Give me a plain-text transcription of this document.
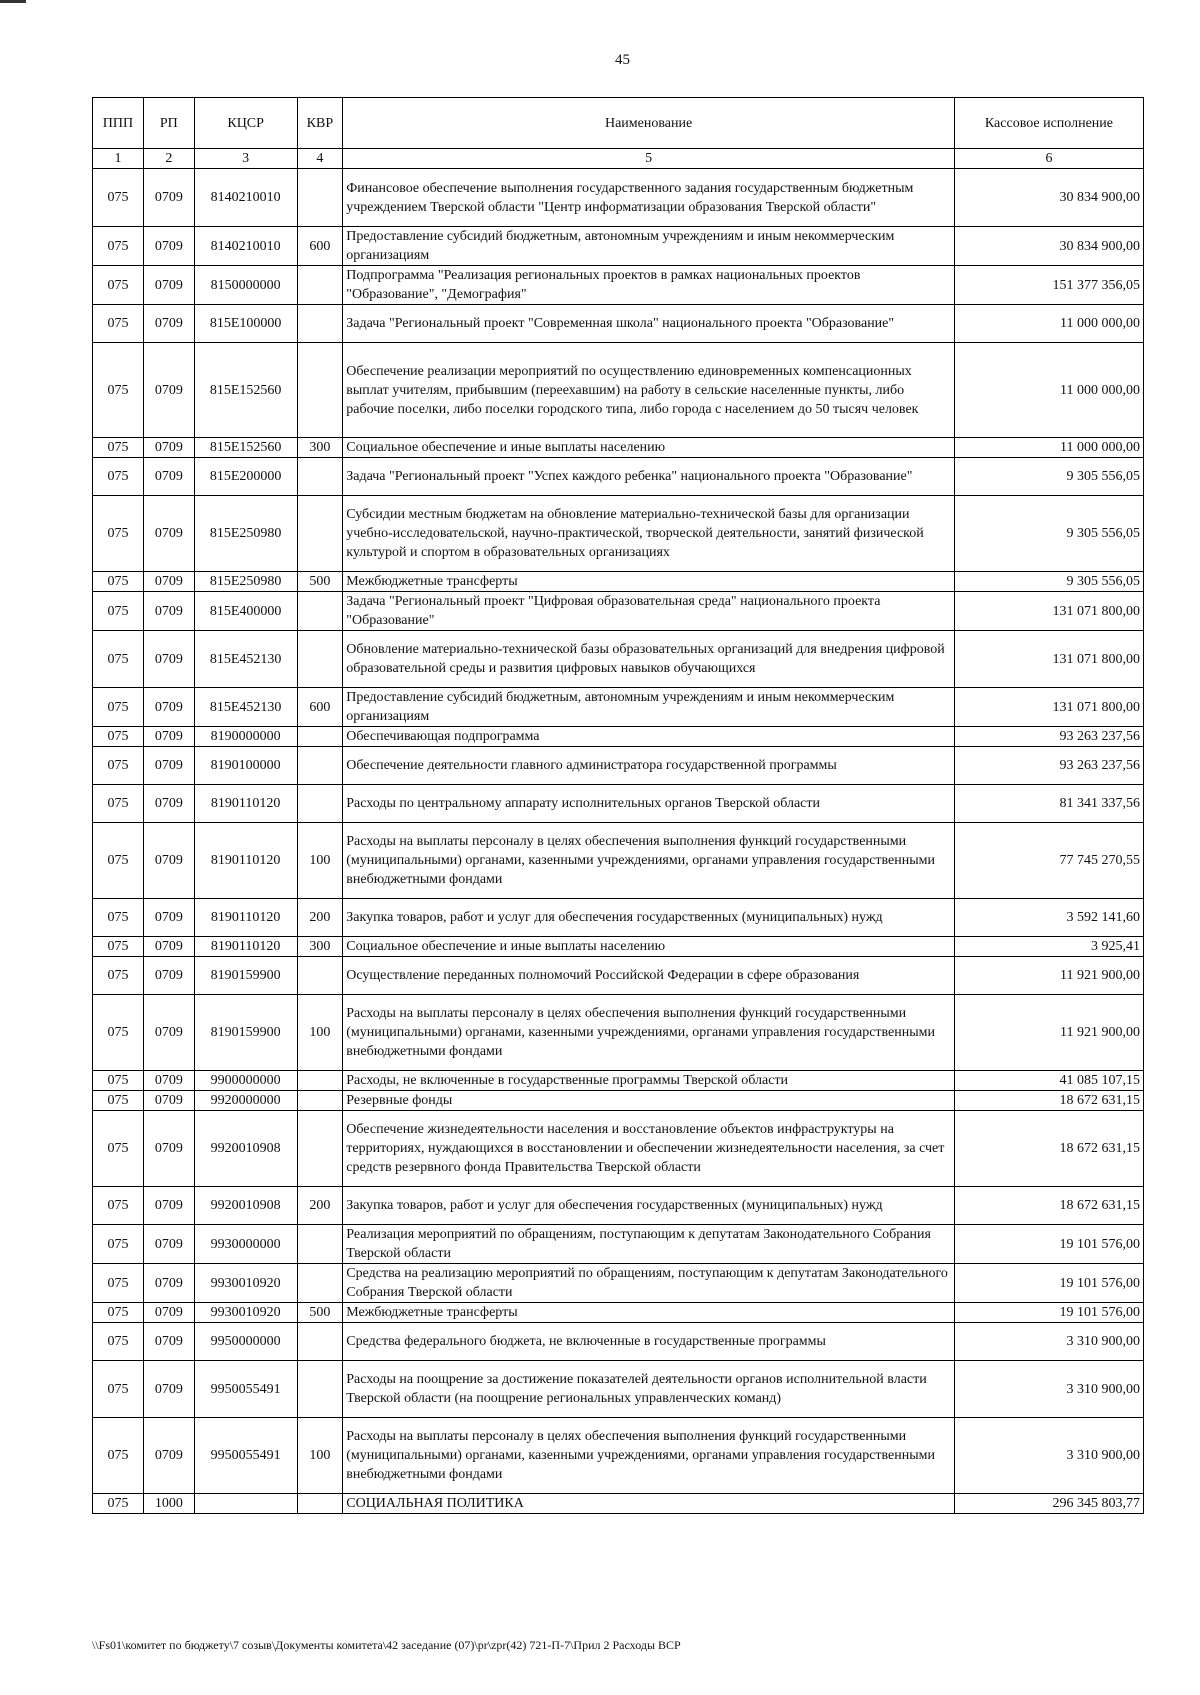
45
ППП	РП	КЦСР	КВР	Наименование	Кассовое исполнение
1	2	3	4	5	6
075	0709	8140210010		Финансовое обеспечение выполнения государственного задания государственным бюджетным учреждением Тверской области "Центр информатизации образования Тверской области"	30 834 900,00
075	0709	8140210010	600	Предоставление субсидий бюджетным, автономным учреждениям и иным некоммерческим организациям	30 834 900,00
075	0709	8150000000		Подпрограмма "Реализация региональных проектов в рамках национальных проектов "Образование", "Демография"	151 377 356,05
075	0709	815E100000		Задача "Региональный проект "Современная школа" национального проекта "Образование"	11 000 000,00
075	0709	815E152560		Обеспечение реализации мероприятий по осуществлению единовременных компенсационных выплат учителям, прибывшим (переехавшим) на работу в сельские населенные пункты, либо рабочие поселки, либо поселки городского типа, либо города с населением до 50 тысяч человек	11 000 000,00
075	0709	815E152560	300	Социальное обеспечение и иные выплаты населению	11 000 000,00
075	0709	815E200000		Задача "Региональный проект "Успех каждого ребенка" национального проекта "Образование"	9 305 556,05
075	0709	815E250980		Субсидии местным бюджетам на обновление материально-технической базы для организации учебно-исследовательской, научно-практической, творческой деятельности, занятий физической культурой и спортом в образовательных организациях	9 305 556,05
075	0709	815E250980	500	Межбюджетные трансферты	9 305 556,05
075	0709	815E400000		Задача "Региональный проект "Цифровая образовательная среда" национального проекта "Образование"	131 071 800,00
075	0709	815E452130		Обновление материально-технической базы образовательных организаций для внедрения цифровой образовательной среды и развития цифровых навыков обучающихся	131 071 800,00
075	0709	815E452130	600	Предоставление субсидий бюджетным, автономным учреждениям и иным некоммерческим организациям	131 071 800,00
075	0709	8190000000		Обеспечивающая подпрограмма	93 263 237,56
075	0709	8190100000		Обеспечение деятельности главного администратора государственной программы	93 263 237,56
075	0709	8190110120		Расходы по центральному аппарату исполнительных органов Тверской области	81 341 337,56
075	0709	8190110120	100	Расходы на выплаты персоналу в целях обеспечения выполнения функций государственными (муниципальными) органами, казенными учреждениями, органами управления государственными внебюджетными фондами	77 745 270,55
075	0709	8190110120	200	Закупка товаров, работ и услуг для обеспечения государственных (муниципальных) нужд	3 592 141,60
075	0709	8190110120	300	Социальное обеспечение и иные выплаты населению	3 925,41
075	0709	8190159900		Осуществление переданных полномочий Российской Федерации в сфере образования	11 921 900,00
075	0709	8190159900	100	Расходы на выплаты персоналу в целях обеспечения выполнения функций государственными (муниципальными) органами, казенными учреждениями, органами управления государственными внебюджетными фондами	11 921 900,00
075	0709	9900000000		Расходы, не включенные в государственные программы Тверской области	41 085 107,15
075	0709	9920000000		Резервные фонды	18 672 631,15
075	0709	9920010908		Обеспечение жизнедеятельности населения и восстановление объектов инфраструктуры на территориях, нуждающихся в восстановлении и обеспечении жизнедеятельности населения, за счет средств резервного фонда Правительства Тверской области	18 672 631,15
075	0709	9920010908	200	Закупка товаров, работ и услуг для обеспечения государственных (муниципальных) нужд	18 672 631,15
075	0709	9930000000		Реализация мероприятий по обращениям, поступающим к депутатам Законодательного Собрания Тверской области	19 101 576,00
075	0709	9930010920		Средства на реализацию мероприятий по обращениям, поступающим к депутатам Законодательного Собрания Тверской области	19 101 576,00
075	0709	9930010920	500	Межбюджетные трансферты	19 101 576,00
075	0709	9950000000		Средства федерального бюджета, не включенные в государственные программы	3 310 900,00
075	0709	9950055491		Расходы на поощрение за достижение показателей деятельности органов исполнительной власти Тверской области (на поощрение региональных управленческих команд)	3 310 900,00
075	0709	9950055491	100	Расходы на выплаты персоналу в целях обеспечения выполнения функций государственными (муниципальными) органами, казенными учреждениями, органами управления государственными внебюджетными фондами	3 310 900,00
075	1000			СОЦИАЛЬНАЯ ПОЛИТИКА	296 345 803,77
\\Fs01\комитет по бюджету\7 созыв\Документы комитета\42 заседание (07)\pr\zpr(42) 721-П-7\Прил 2 Расходы ВСР
